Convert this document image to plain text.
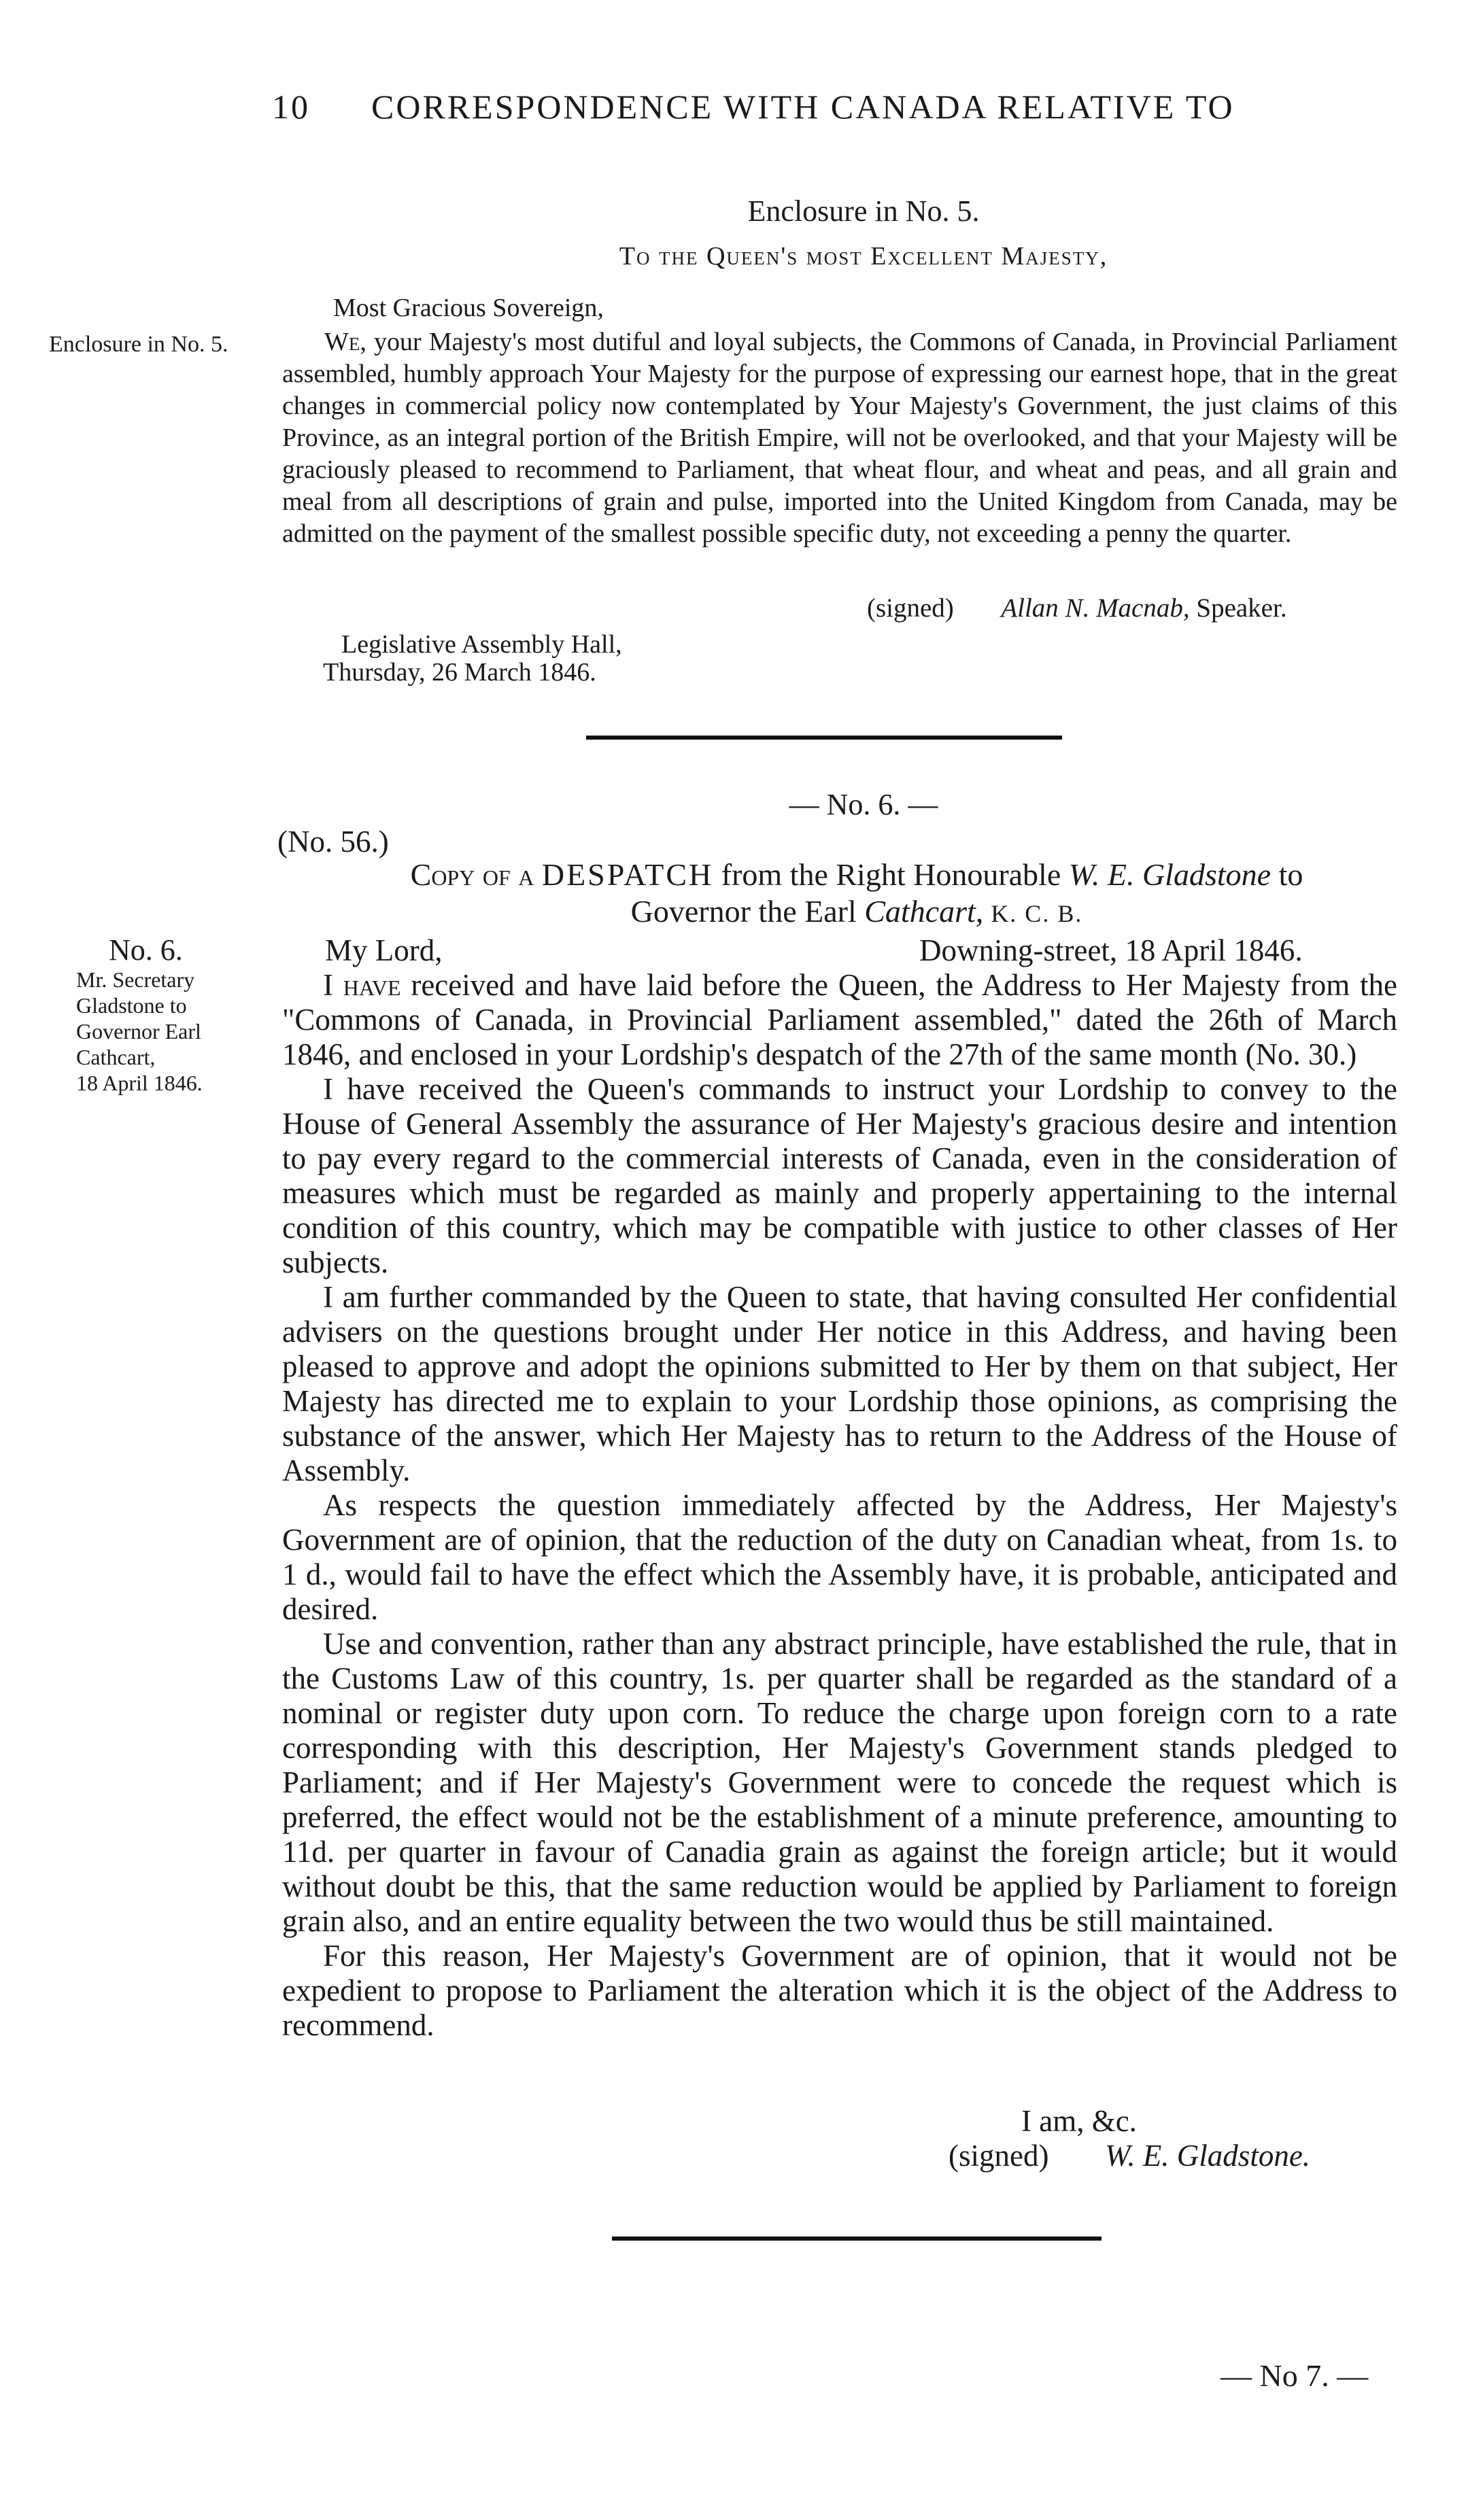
10 CORRESPONDENCE WITH CANADA RELATIVE TO
Enclosure in No. 5.
To the Queen's most Excellent Majesty,
Most Gracious Sovereign,
Enclosure in No. 5.	We, your Majesty's most dutiful and loyal subjects, the Commons of Canada, in Provincial Parliament assembled, humbly approach Your Majesty for the purpose of expressing our earnest hope, that in the great changes in commercial policy now contemplated by Your Majesty's Government, the just claims of this Province, as an integral portion of the British Empire, will not be overlooked, and that your Majesty will be graciously pleased to recommend to Parliament, that wheat flour, and wheat and peas, and all grain and meal from all descriptions of grain and pulse, imported into the United Kingdom from Canada, may be admitted on the payment of the smallest possible specific duty, not exceeding a penny the quarter.
(signed) Allan N. Macnab, Speaker.
Legislative Assembly Hall,
Thursday, 26 March 1846.
— No. 6. —
(No. 56.)
Copy of a DESPATCH from the Right Honourable W. E. Gladstone to
Governor the Earl Cathcart, K. C. B.
No. 6.
Mr. Secretary
Gladstone to
Governor Earl
Cathcart,
18 April 1846.
My Lord,	Downing-street, 18 April 1846.

I have received and have laid before the Queen, the Address to Her Majesty from the "Commons of Canada, in Provincial Parliament assembled," dated the 26th of March 1846, and enclosed in your Lordship's despatch of the 27th of the same month (No. 30.)

I have received the Queen's commands to instruct your Lordship to convey to the House of General Assembly the assurance of Her Majesty's gracious desire and intention to pay every regard to the commercial interests of Canada, even in the consideration of measures which must be regarded as mainly and properly appertaining to the internal condition of this country, which may be compatible with justice to other classes of Her subjects.

I am further commanded by the Queen to state, that having consulted Her confidential advisers on the questions brought under Her notice in this Address, and having been pleased to approve and adopt the opinions submitted to Her by them on that subject, Her Majesty has directed me to explain to your Lordship those opinions, as comprising the substance of the answer, which Her Majesty has to return to the Address of the House of Assembly.

As respects the question immediately affected by the Address, Her Majesty's Government are of opinion, that the reduction of the duty on Canadian wheat, from 1s. to 1 d., would fail to have the effect which the Assembly have, it is probable, anticipated and desired.

Use and convention, rather than any abstract principle, have established the rule, that in the Customs Law of this country, 1s. per quarter shall be regarded as the standard of a nominal or register duty upon corn. To reduce the charge upon foreign corn to a rate corresponding with this description, Her Majesty's Government stands pledged to Parliament; and if Her Majesty's Government were to concede the request which is preferred, the effect would not be the establishment of a minute preference, amounting to 11d. per quarter in favour of Canadia grain as against the foreign article; but it would without doubt be this, that the same reduction would be applied by Parliament to foreign grain also, and an entire equality between the two would thus be still maintained.

For this reason, Her Majesty's Government are of opinion, that it would not be expedient to propose to Parliament the alteration which it is the object of the Address to recommend.

I am, &c.
(signed) W. E. Gladstone.
— No 7. —
